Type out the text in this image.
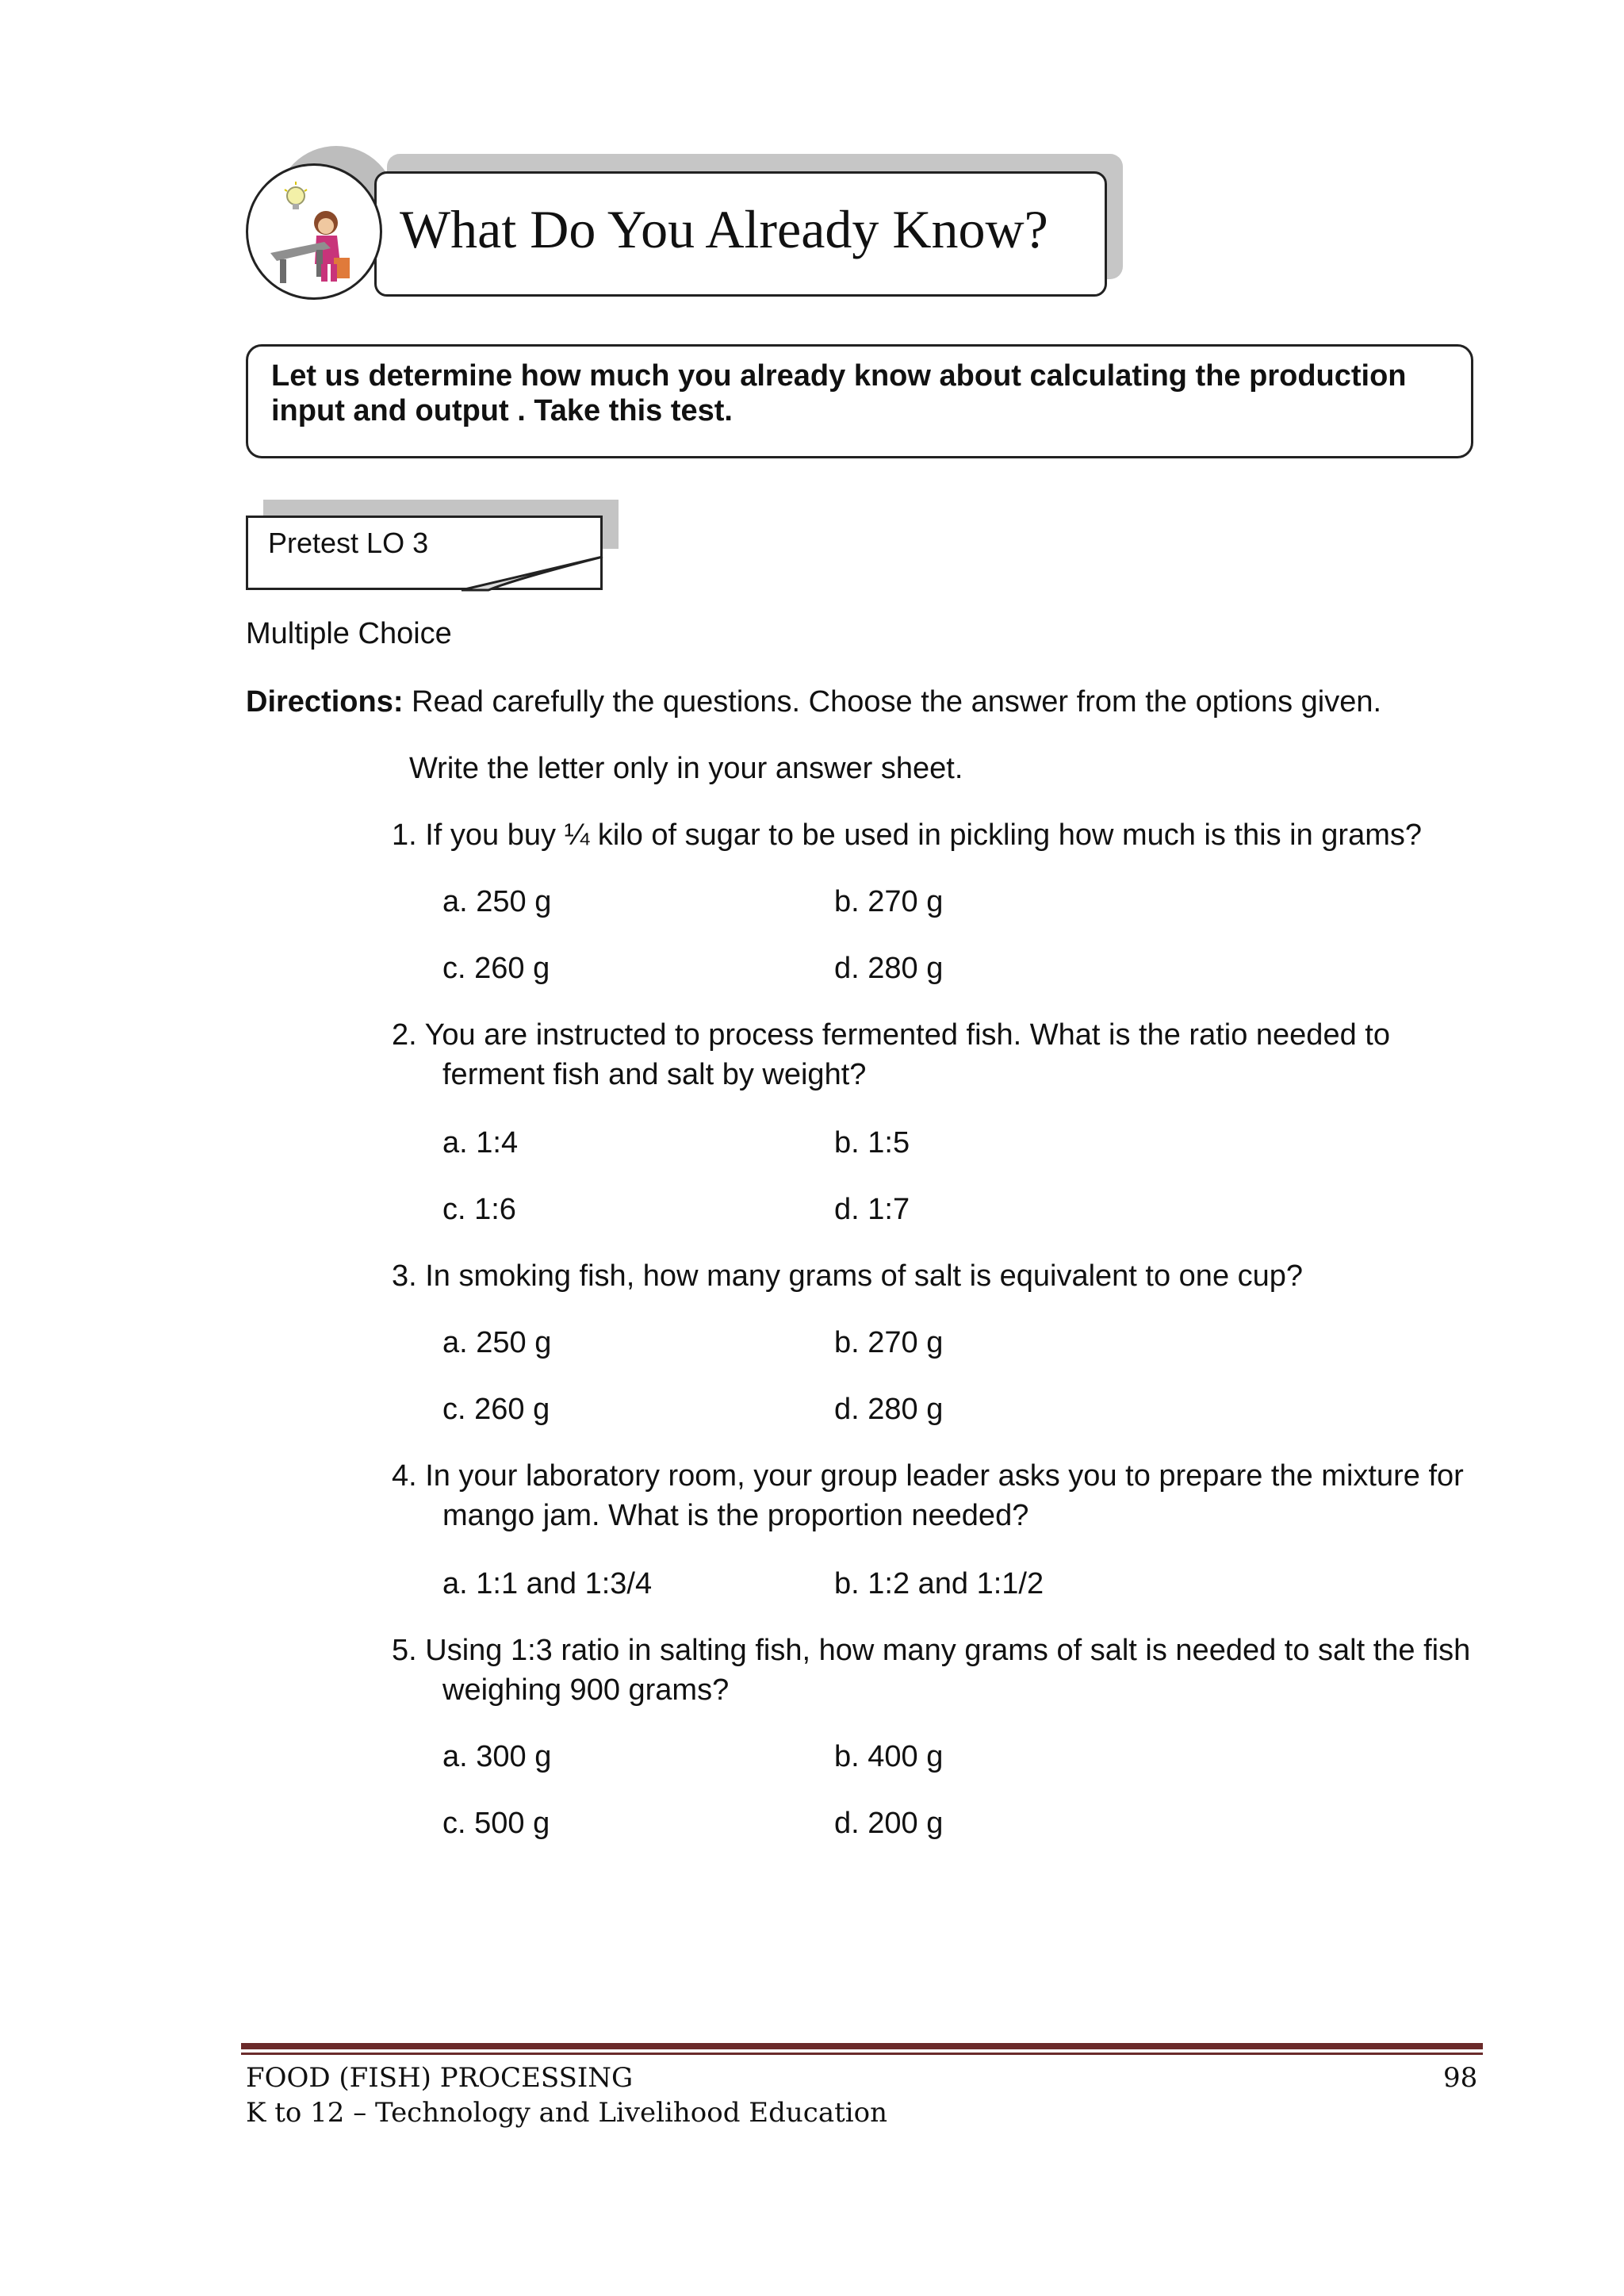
What Do You Already Know?
Let us determine how much you already know about calculating the production input and output . Take this test.
Pretest LO 3
Multiple Choice
Directions: Read carefully the questions. Choose the answer from the options given.
Write the letter only in your answer sheet.
1. If you buy ¼ kilo of sugar to be used in pickling how much is this in grams?
a. 250 g	b. 270 g
c. 260 g	d. 280 g
2. You are instructed to process fermented fish. What is the ratio needed to
ferment fish and salt by weight?
a. 1:4	b. 1:5
c. 1:6	d. 1:7
3. In smoking fish, how many grams of salt is equivalent to one cup?
a. 250 g	b. 270 g
c. 260 g	d. 280 g
4. In your laboratory room, your group leader asks you to prepare the mixture for
mango jam. What is the proportion needed?
a. 1:1 and 1:3/4	b. 1:2 and 1:1/2
5. Using 1:3 ratio in salting fish, how many grams of salt is needed to salt the fish
weighing 900 grams?
a. 300 g	b. 400 g
c. 500 g	d. 200 g
FOOD (FISH) PROCESSING
K to 12 – Technology and Livelihood Education
98
